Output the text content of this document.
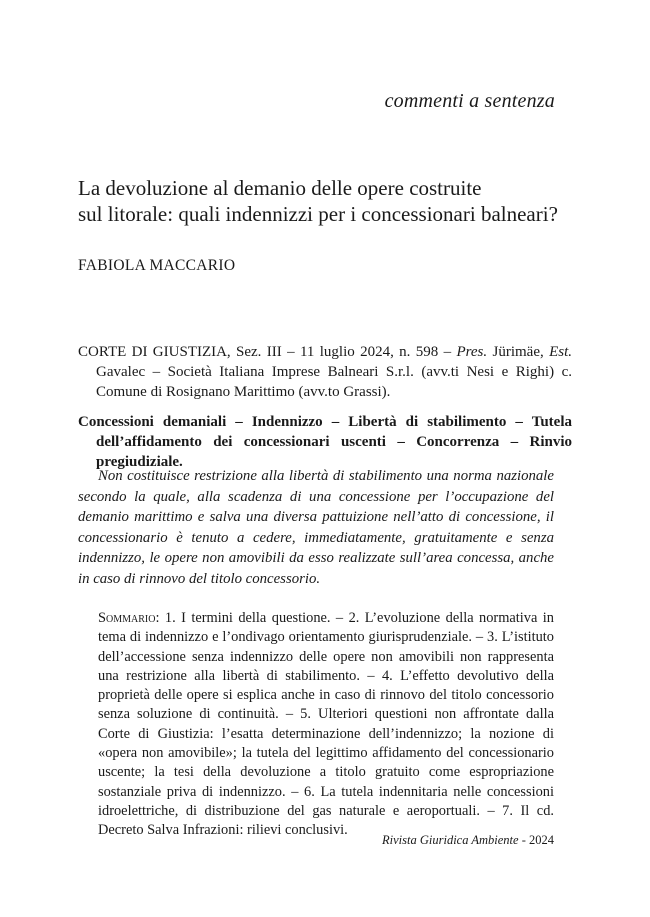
commenti a sentenza
La devoluzione al demanio delle opere costruite
sul litorale: quali indennizzi per i concessionari balneari?
FABIOLA MACCARIO
CORTE DI GIUSTIZIA, Sez. III – 11 luglio 2024, n. 598 – Pres. Jürimäe, Est. Gavalec – Società Italiana Imprese Balneari S.r.l. (avv.ti Nesi e Righi) c. Comune di Rosignano Marittimo (avv.to Grassi).
Concessioni demaniali – Indennizzo – Libertà di stabilimento – Tutela dell’affidamento dei concessionari uscenti – Concorrenza – Rinvio pregiudiziale.

Non costituisce restrizione alla libertà di stabilimento una norma nazionale secondo la quale, alla scadenza di una concessione per l’occupazione del demanio marittimo e salva una diversa pattuizione nell’atto di concessione, il concessionario è tenuto a cedere, immediatamente, gratuitamente e senza indennizzo, le opere non amovibili da esso realizzate sull’area concessa, anche in caso di rinnovo del titolo concessorio.

Sommario: 1. I termini della questione. – 2. L’evoluzione della normativa in tema di indennizzo e l’ondivago orientamento giurisprudenziale. – 3. L’istituto dell’accessione senza indennizzo delle opere non amovibili non rappresenta una restrizione alla libertà di stabilimento. – 4. L’effetto devolutivo della proprietà delle opere si esplica anche in caso di rinnovo del titolo concessorio senza soluzione di continuità. – 5. Ulteriori questioni non affrontate dalla Corte di Giustizia: l’esatta determinazione dell’indennizzo; la nozione di «opera non amovibile»; la tutela del legittimo affidamento del concessionario uscente; la tesi della devoluzione a titolo gratuito come espropriazione sostanziale priva di indennizzo. – 6. La tutela indennitaria nelle concessioni idroelettriche, di distribuzione del gas naturale e aeroportuali. – 7. Il cd. Decreto Salva Infrazioni: rilievi conclusivi.

Rivista Giuridica Ambiente - 2024
